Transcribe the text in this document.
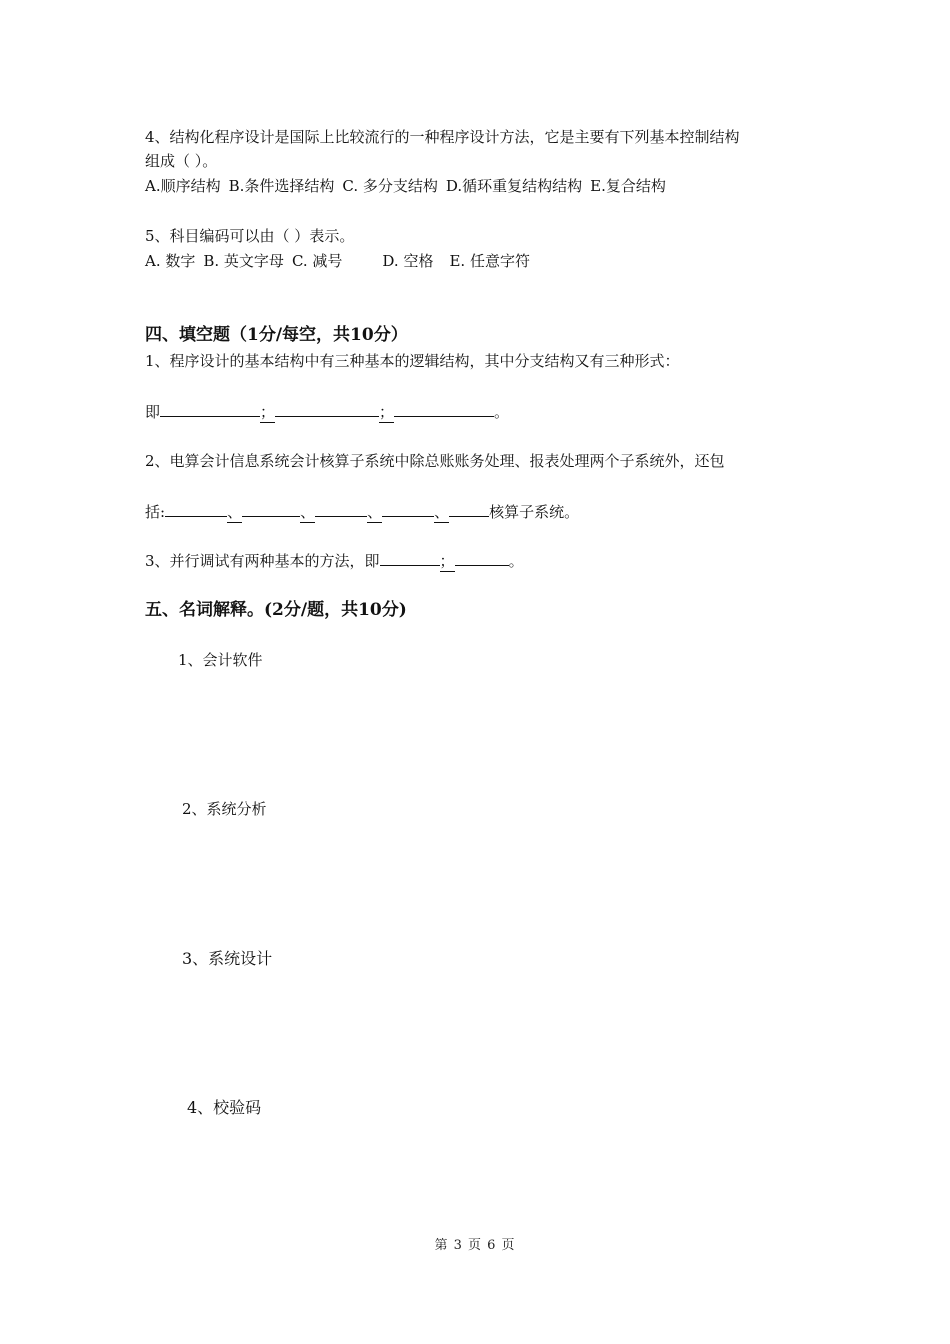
4、结构化程序设计是国际上比较流行的一种程序设计方法，它是主要有下列基本控制结构
组成（ ）。
A.顺序结构 B.条件选择结构 C. 多分支结构 D.循环重复结构结构 E.复合结构
5、科目编码可以由（ ）表示。
A. 数字 B. 英文字母 C. 减号	D. 空格 E. 任意字符
四、填空题（1分/每空，共10分）
1、程序设计的基本结构中有三种基本的逻辑结构，其中分支结构又有三种形式：
即	；	；	。
2、电算会计信息系统会计核算子系统中除总账账务处理、报表处理两个子系统外，还包
括:	、	、	、	、	核算子系统。
3、并行调试有两种基本的方法，即	；	。
五、名词解释。(2分/题，共10分)
1、会计软件
2、系统分析
3、系统设计
4、校验码
第 3 页 6 页
